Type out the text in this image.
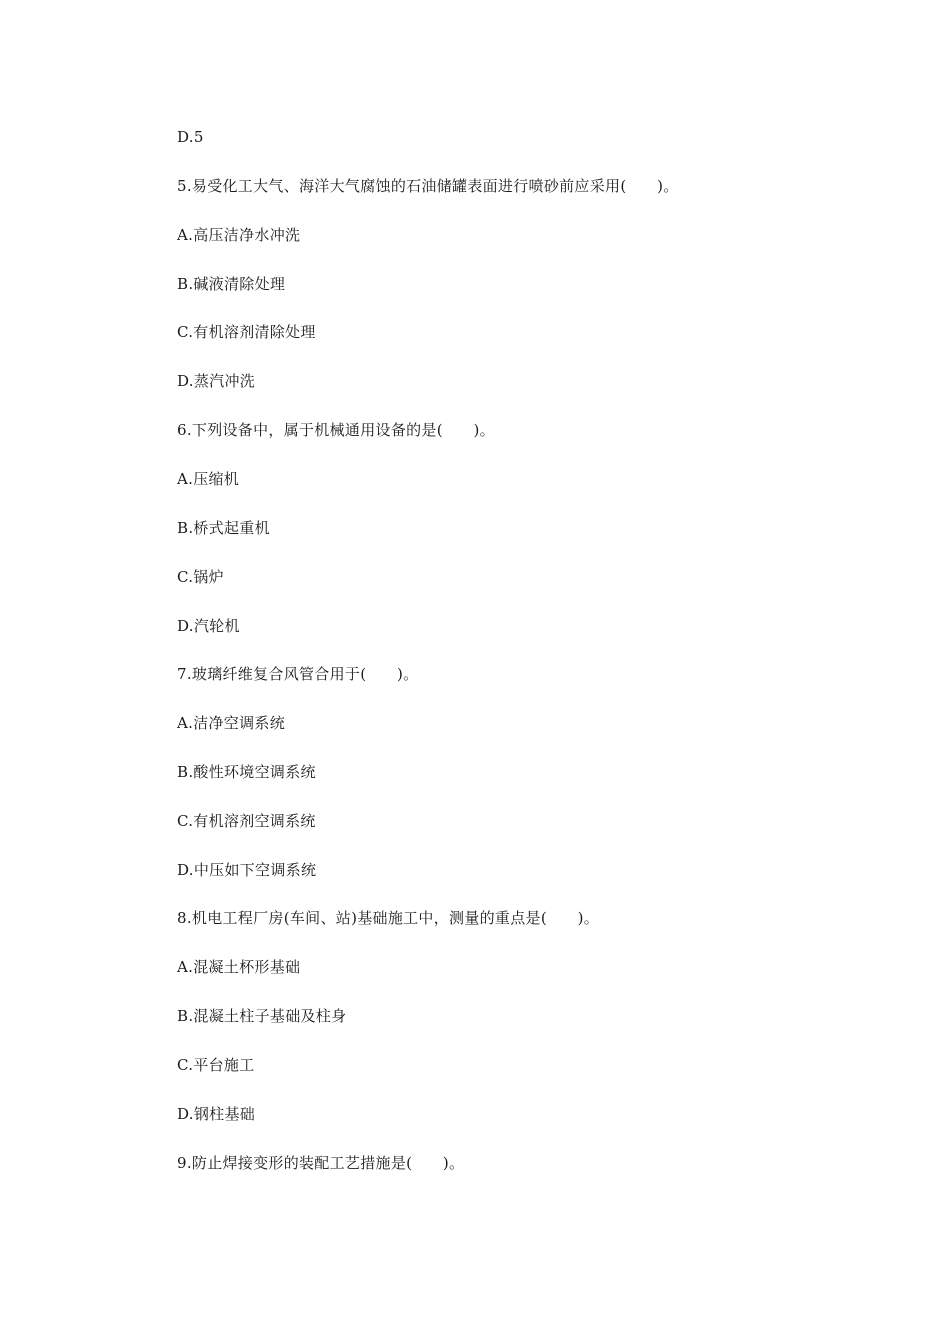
D.5
5.易受化工大气、海洋大气腐蚀的石油储罐表面进行喷砂前应采用(　　)。
A.高压洁净水冲洗
B.碱液清除处理
C.有机溶剂清除处理
D.蒸汽冲洗
6.下列设备中，属于机械通用设备的是(　　)。
A.压缩机
B.桥式起重机
C.锅炉
D.汽轮机
7.玻璃纤维复合风管合用于(　　)。
A.洁净空调系统
B.酸性环境空调系统
C.有机溶剂空调系统
D.中压如下空调系统
8.机电工程厂房(车间、站)基础施工中，测量的重点是(　　)。
A.混凝土杯形基础
B.混凝土柱子基础及柱身
C.平台施工
D.钢柱基础
9.防止焊接变形的装配工艺措施是(　　)。
